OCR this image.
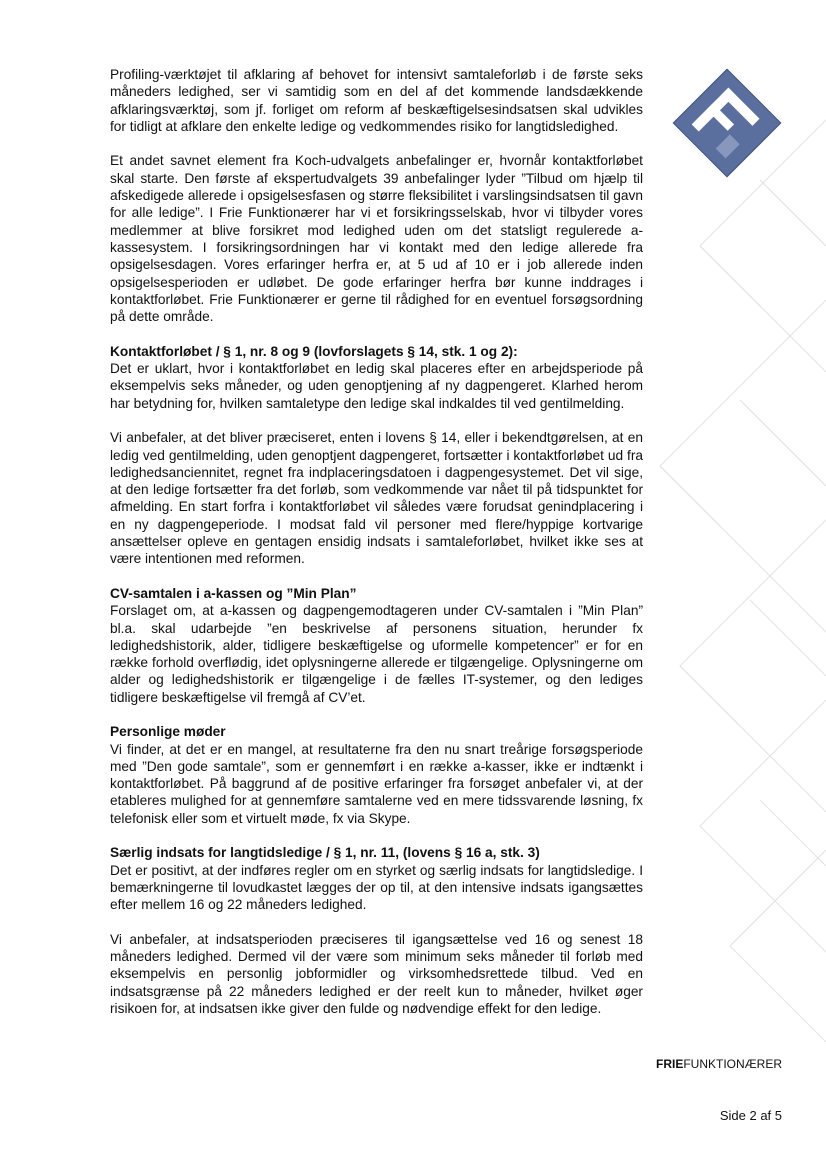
Profiling-værktøjet til afklaring af behovet for intensivt samtaleforløb i de første seks måneders ledighed, ser vi samtidig som en del af det kommende landsdækkende afklaringsværktøj, som jf. forliget om reform af beskæftigelsesindsatsen skal udvikles for tidligt at afklare den enkelte ledige og vedkommendes risiko for langtidsledighed.

Et andet savnet element fra Koch-udvalgets anbefalinger er, hvornår kontaktforløbet skal starte. Den første af ekspertudvalgets 39 anbefalinger lyder ”Tilbud om hjælp til afskedigede allerede i opsigelsesfasen og større fleksibilitet i varslingsindsatsen til gavn for alle ledige”. I Frie Funktionærer har vi et forsikringsselskab, hvor vi tilbyder vores medlemmer at blive forsikret mod ledighed uden om det statsligt regulerede a-kassesystem. I forsikringsordningen har vi kontakt med den ledige allerede fra opsigelsesdagen. Vores erfaringer herfra er, at 5 ud af 10 er i job allerede inden opsigelsesperioden er udløbet. De gode erfaringer herfra bør kunne inddrages i kontaktforløbet. Frie Funktionærer er gerne til rådighed for en eventuel forsøgsordning på dette område.

Kontaktforløbet / § 1, nr. 8 og 9 (lovforslagets § 14, stk. 1 og 2):
Det er uklart, hvor i kontaktforløbet en ledig skal placeres efter en arbejdsperiode på eksempelvis seks måneder, og uden genoptjening af ny dagpengeret. Klarhed herom har betydning for, hvilken samtaletype den ledige skal indkaldes til ved gentilmelding.

Vi anbefaler, at det bliver præciseret, enten i lovens § 14, eller i bekendtgørelsen, at en ledig ved gentilmelding, uden genoptjent dagpengeret, fortsætter i kontaktforløbet ud fra ledighedsanciennitet, regnet fra indplaceringsdatoen i dagpengesystemet. Det vil sige, at den ledige fortsætter fra det forløb, som vedkommende var nået til på tidspunktet for afmelding. En start forfra i kontaktforløbet vil således være forudsat genindplacering i en ny dagpengeperiode. I modsat fald vil personer med flere/hyppige kortvarige ansættelser opleve en gentagen ensidig indsats i samtaleforløbet, hvilket ikke ses at være intentionen med reformen.

CV-samtalen i a-kassen og ”Min Plan”
Forslaget om, at a-kassen og dagpengemodtageren under CV-samtalen i ”Min Plan” bl.a. skal udarbejde ”en beskrivelse af personens situation, herunder fx ledighedshistorik, alder, tidligere beskæftigelse og uformelle kompetencer” er for en række forhold overflødig, idet oplysningerne allerede er tilgængelige. Oplysningerne om alder og ledighedshistorik er tilgængelige i de fælles IT-systemer, og den lediges tidligere beskæftigelse vil fremgå af CV’et.

Personlige møder
Vi finder, at det er en mangel, at resultaterne fra den nu snart treårige forsøgsperiode med ”Den gode samtale”, som er gennemført i en række a-kasser, ikke er indtænkt i kontaktforløbet. På baggrund af de positive erfaringer fra forsøget anbefaler vi, at der etableres mulighed for at gennemføre samtalerne ved en mere tidssvarende løsning, fx telefonisk eller som et virtuelt møde, fx via Skype.

Særlig indsats for langtidsledige / § 1, nr. 11, (lovens § 16 a, stk. 3)
Det er positivt, at der indføres regler om en styrket og særlig indsats for langtidsledige. I bemærkningerne til lovudkastet lægges der op til, at den intensive indsats igangsættes efter mellem 16 og 22 måneders ledighed.

Vi anbefaler, at indsatsperioden præciseres til igangsættelse ved 16 og senest 18 måneders ledighed. Dermed vil der være som minimum seks måneder til forløb med eksempelvis en personlig jobformidler og virksomhedsrettede tilbud. Ved en indsatsgrænse på 22 måneders ledighed er der reelt kun to måneder, hvilket øger risikoen for, at indsatsen ikke giver den fulde og nødvendige effekt for den ledige.

FRIEFUNKTIONÆRER
Side 2 af 5
